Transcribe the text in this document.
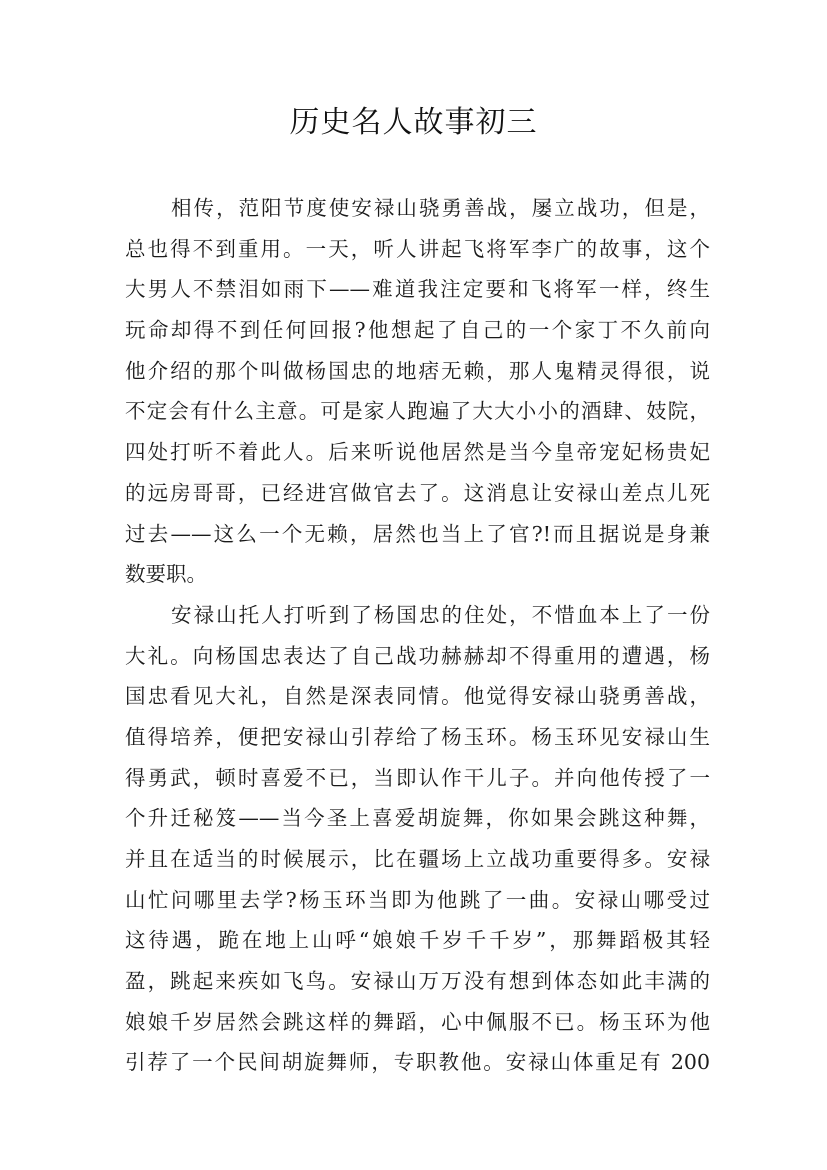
历史名人故事初三
相传，范阳节度使安禄山骁勇善战，屡立战功，但是，
总也得不到重用。一天，听人讲起飞将军李广的故事，这个
大男人不禁泪如雨下——难道我注定要和飞将军一样，终生
玩命却得不到任何回报?他想起了自己的一个家丁不久前向
他介绍的那个叫做杨国忠的地痞无赖，那人鬼精灵得很，说
不定会有什么主意。可是家人跑遍了大大小小的酒肆、妓院，
四处打听不着此人。后来听说他居然是当今皇帝宠妃杨贵妃
的远房哥哥，已经进宫做官去了。这消息让安禄山差点儿死
过去——这么一个无赖，居然也当上了官?!而且据说是身兼
数要职。
安禄山托人打听到了杨国忠的住处，不惜血本上了一份
大礼。向杨国忠表达了自己战功赫赫却不得重用的遭遇，杨
国忠看见大礼，自然是深表同情。他觉得安禄山骁勇善战，
值得培养，便把安禄山引荐给了杨玉环。杨玉环见安禄山生
得勇武，顿时喜爱不已，当即认作干儿子。并向他传授了一
个升迁秘笈——当今圣上喜爱胡旋舞，你如果会跳这种舞，
并且在适当的时候展示，比在疆场上立战功重要得多。安禄
山忙问哪里去学?杨玉环当即为他跳了一曲。安禄山哪受过
这待遇，跪在地上山呼“娘娘千岁千千岁”，那舞蹈极其轻
盈，跳起来疾如飞鸟。安禄山万万没有想到体态如此丰满的
娘娘千岁居然会跳这样的舞蹈，心中佩服不已。杨玉环为他
引荐了一个民间胡旋舞师，专职教他。安禄山体重足有 200
